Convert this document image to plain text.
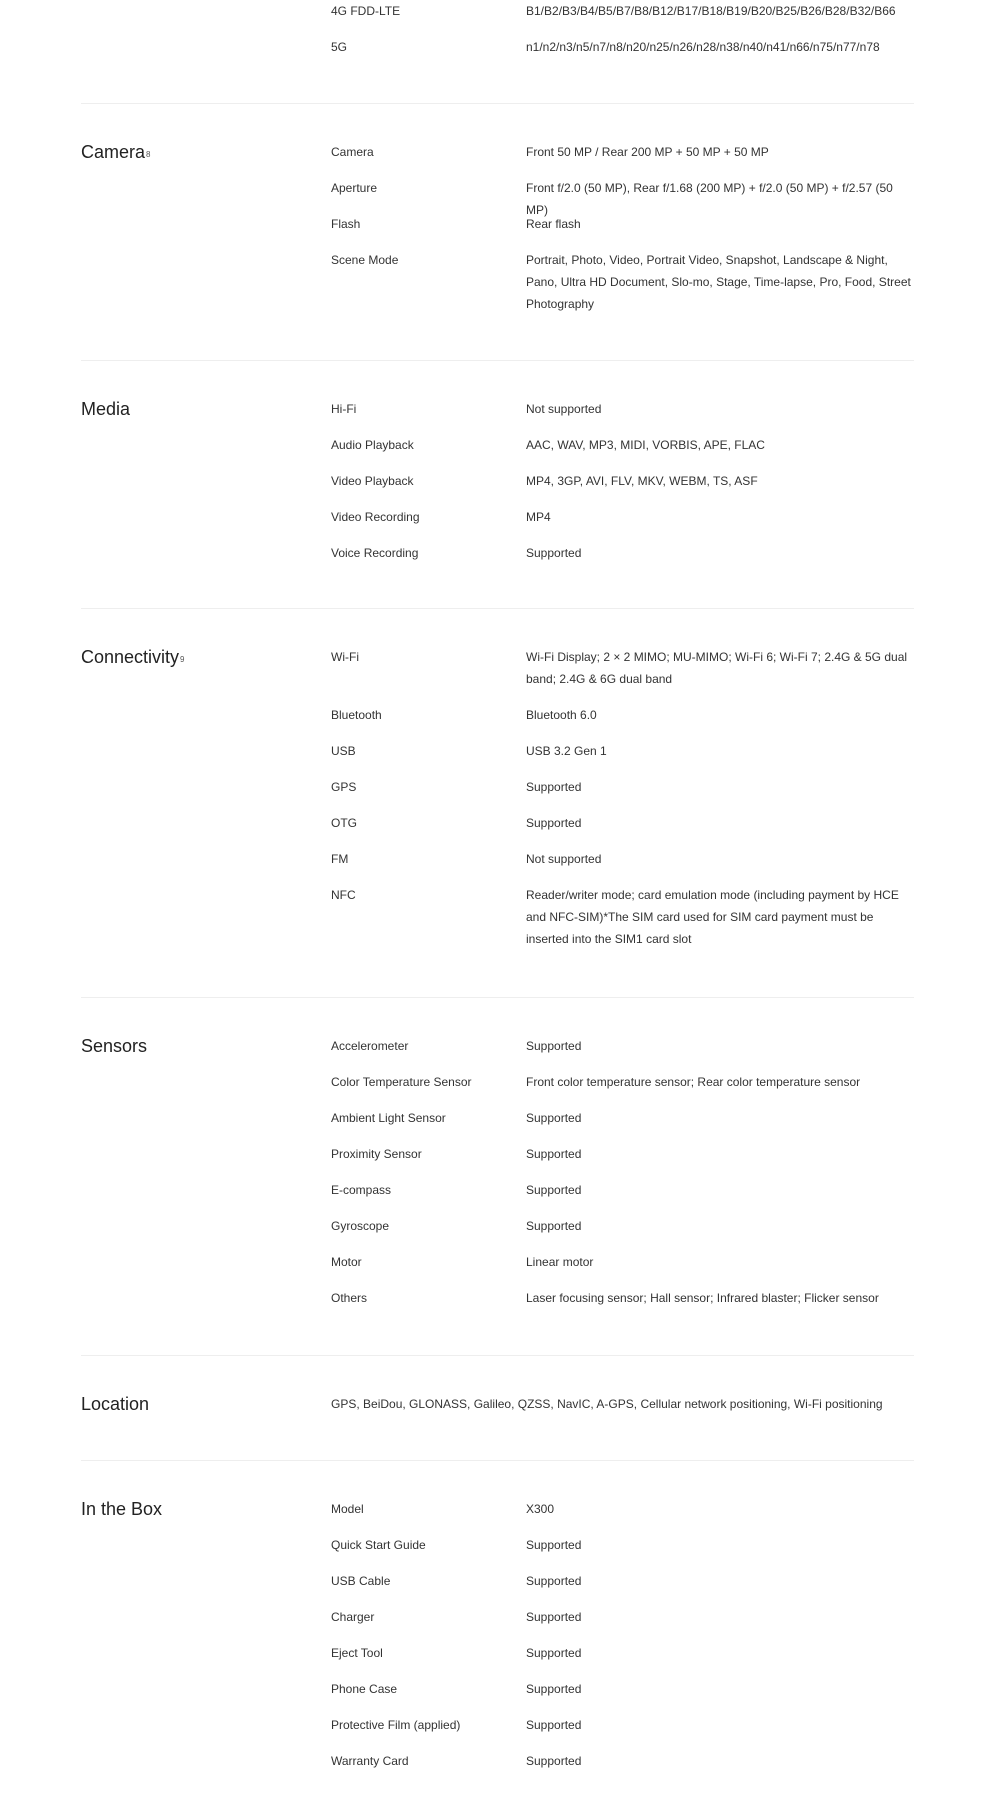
4G FDD-LTE	B1/B2/B3/B4/B5/B7/B8/B12/B17/B18/B19/B20/B25/B26/B28/B32/B66
5G	n1/n2/n3/n5/n7/n8/n20/n25/n26/n28/n38/n40/n41/n66/n75/n77/n78
Camera$^8$	Camera	Front 50 MP / Rear 200 MP + 50 MP + 50 MP
Aperture	Front f/2.0 (50 MP), Rear f/1.68 (200 MP) + f/2.0 (50 MP) + f/2.57 (50 MP)
Flash	Rear flash
Scene Mode	Portrait, Photo, Video, Portrait Video, Snapshot, Landscape & Night, Pano, Ultra HD Document, Slo-mo, Stage, Time-lapse, Pro, Food, Street Photography
Media	Hi-Fi	Not supported
Audio Playback	AAC, WAV, MP3, MIDI, VORBIS, APE, FLAC
Video Playback	MP4, 3GP, AVI, FLV, MKV, WEBM, TS, ASF
Video Recording	MP4
Voice Recording	Supported
Connectivity$^9$	Wi-Fi	Wi-Fi Display; 2 × 2 MIMO; MU-MIMO; Wi-Fi 6; Wi-Fi 7; 2.4G & 5G dual band; 2.4G & 6G dual band
Bluetooth	Bluetooth 6.0
USB	USB 3.2 Gen 1
GPS	Supported
OTG	Supported
FM	Not supported
NFC	Reader/writer mode; card emulation mode (including payment by HCE and NFC-SIM)*The SIM card used for SIM card payment must be inserted into the SIM1 card slot
Sensors	Accelerometer	Supported
Color Temperature Sensor	Front color temperature sensor; Rear color temperature sensor
Ambient Light Sensor	Supported
Proximity Sensor	Supported
E-compass	Supported
Gyroscope	Supported
Motor	Linear motor
Others	Laser focusing sensor; Hall sensor; Infrared blaster; Flicker sensor
Location	GPS, BeiDou, GLONASS, Galileo, QZSS, NavIC, A-GPS, Cellular network positioning, Wi-Fi positioning
In the Box	Model	X300
Quick Start Guide	Supported
USB Cable	Supported
Charger	Supported
Eject Tool	Supported
Phone Case	Supported
Protective Film (applied)	Supported
Warranty Card	Supported
